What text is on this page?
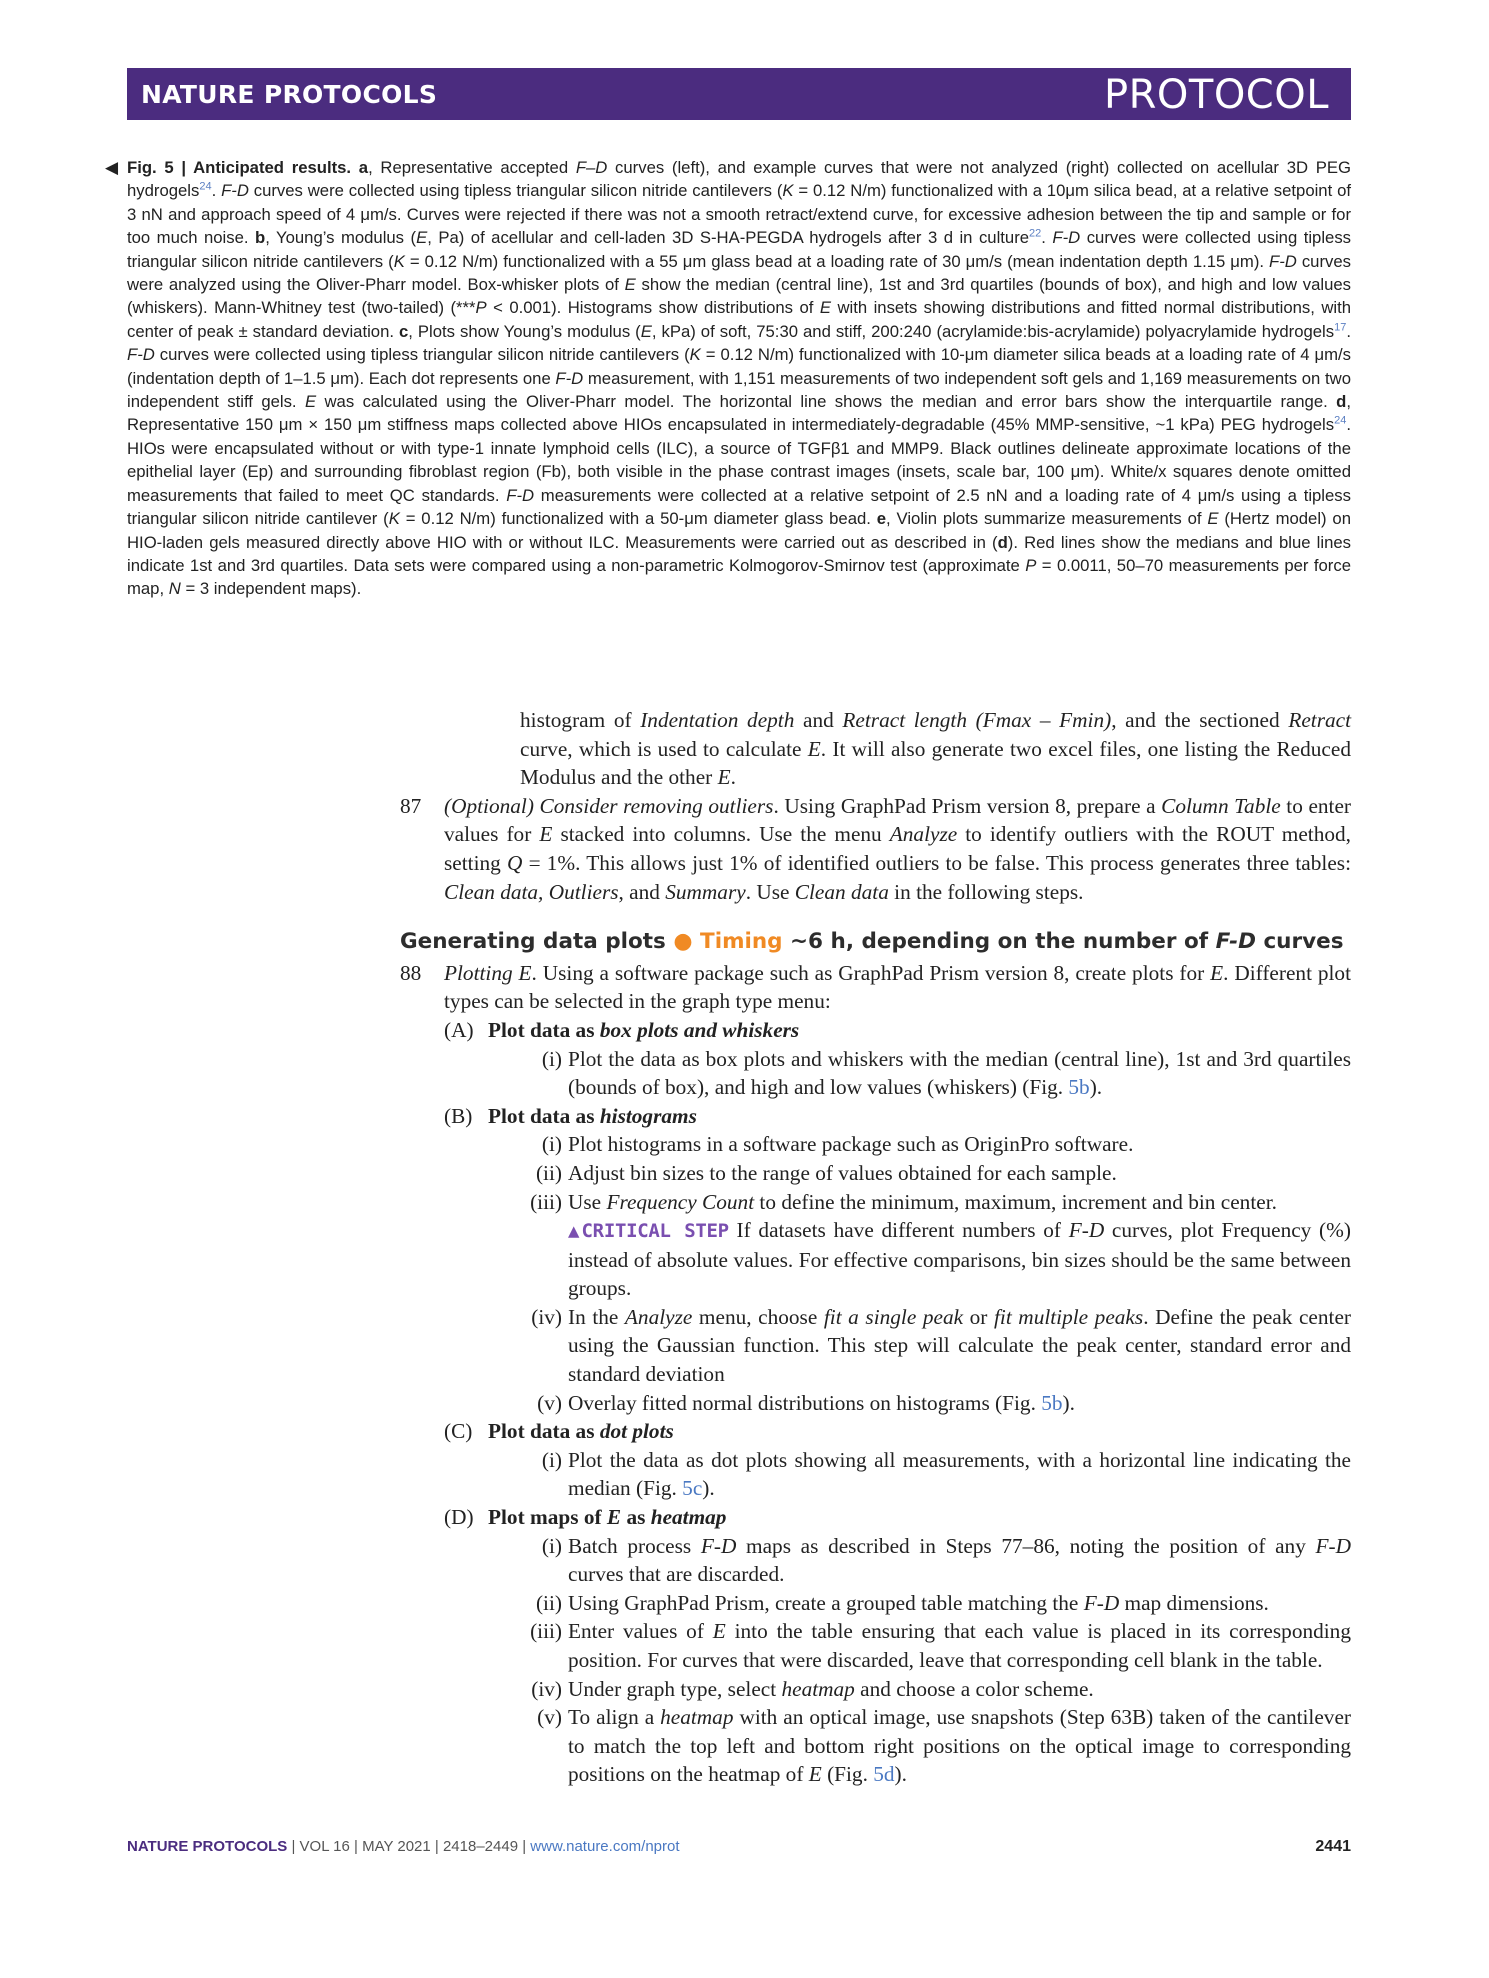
NATURE PROTOCOLS	PROTOCOL
◀ Fig. 5 | Anticipated results. a, Representative accepted F–D curves (left), and example curves that were not analyzed (right) collected on acellular 3D PEG hydrogels$^{24}$. F-D curves were collected using tipless triangular silicon nitride cantilevers (K = 0.12 N/m) functionalized with a 10μm silica bead, at a relative setpoint of 3 nN and approach speed of 4 μm/s. Curves were rejected if there was not a smooth retract/extend curve, for excessive adhesion between the tip and sample or for too much noise. b, Young’s modulus (E, Pa) of acellular and cell-laden 3D S-HA-PEGDA hydrogels after 3 d in culture$^{22}$. F-D curves were collected using tipless triangular silicon nitride cantilevers (K = 0.12 N/m) functionalized with a 55 μm glass bead at a loading rate of 30 μm/s (mean indentation depth 1.15 μm). F-D curves were analyzed using the Oliver-Pharr model. Box-whisker plots of E show the median (central line), 1st and 3rd quartiles (bounds of box), and high and low values (whiskers). Mann-Whitney test (two-tailed) (***P < 0.001). Histograms show distributions of E with insets showing distributions and fitted normal distributions, with center of peak ± standard deviation. c, Plots show Young’s modulus (E, kPa) of soft, 75:30 and stiff, 200:240 (acrylamide:bis-acrylamide) polyacrylamide hydrogels$^{17}$. F-D curves were collected using tipless triangular silicon nitride cantilevers (K = 0.12 N/m) functionalized with 10-μm diameter silica beads at a loading rate of 4 μm/s (indentation depth of 1–1.5 μm). Each dot represents one F-D measurement, with 1,151 measurements of two independent soft gels and 1,169 measurements on two independent stiff gels. E was calculated using the Oliver-Pharr model. The horizontal line shows the median and error bars show the interquartile range. d, Representative 150 μm × 150 μm stiffness maps collected above HIOs encapsulated in intermediately-degradable (45% MMP-sensitive, ~1 kPa) PEG hydrogels$^{24}$. HIOs were encapsulated without or with type-1 innate lymphoid cells (ILC), a source of TGFβ1 and MMP9. Black outlines delineate approximate locations of the epithelial layer (Ep) and surrounding fibroblast region (Fb), both visible in the phase contrast images (insets, scale bar, 100 μm). White/x squares denote omitted measurements that failed to meet QC standards. F-D measurements were collected at a relative setpoint of 2.5 nN and a loading rate of 4 μm/s using a tipless triangular silicon nitride cantilever (K = 0.12 N/m) functionalized with a 50-μm diameter glass bead. e, Violin plots summarize measurements of E (Hertz model) on HIO-laden gels measured directly above HIO with or without ILC. Measurements were carried out as described in (d). Red lines show the medians and blue lines indicate 1st and 3rd quartiles. Data sets were compared using a non-parametric Kolmogorov-Smirnov test (approximate P = 0.0011, 50–70 measurements per force map, N = 3 independent maps).
histogram of Indentation depth and Retract length (Fmax – Fmin), and the sectioned Retract curve, which is used to calculate E. It will also generate two excel files, one listing the Reduced Modulus and the other E.
87 (Optional) Consider removing outliers. Using GraphPad Prism version 8, prepare a Column Table to enter values for E stacked into columns. Use the menu Analyze to identify outliers with the ROUT method, setting Q = 1%. This allows just 1% of identified outliers to be false. This process generates three tables: Clean data, Outliers, and Summary. Use Clean data in the following steps.
Generating data plots ● Timing ~6 h, depending on the number of F-D curves
88 Plotting E. Using a software package such as GraphPad Prism version 8, create plots for E. Different plot types can be selected in the graph type menu:
(A) Plot data as box plots and whiskers
(i) Plot the data as box plots and whiskers with the median (central line), 1st and 3rd quartiles (bounds of box), and high and low values (whiskers) (Fig. 5b).
(B) Plot data as histograms
(i) Plot histograms in a software package such as OriginPro software.
(ii) Adjust bin sizes to the range of values obtained for each sample.
(iii) Use Frequency Count to define the minimum, maximum, increment and bin center.
▲CRITICAL STEP If datasets have different numbers of F-D curves, plot Frequency (%) instead of absolute values. For effective comparisons, bin sizes should be the same between groups.
(iv) In the Analyze menu, choose fit a single peak or fit multiple peaks. Define the peak center using the Gaussian function. This step will calculate the peak center, standard error and standard deviation
(v) Overlay fitted normal distributions on histograms (Fig. 5b).
(C) Plot data as dot plots
(i) Plot the data as dot plots showing all measurements, with a horizontal line indicating the median (Fig. 5c).
(D) Plot maps of E as heatmap
(i) Batch process F-D maps as described in Steps 77–86, noting the position of any F-D curves that are discarded.
(ii) Using GraphPad Prism, create a grouped table matching the F-D map dimensions.
(iii) Enter values of E into the table ensuring that each value is placed in its corresponding position. For curves that were discarded, leave that corresponding cell blank in the table.
(iv) Under graph type, select heatmap and choose a color scheme.
(v) To align a heatmap with an optical image, use snapshots (Step 63B) taken of the cantilever to match the top left and bottom right positions on the optical image to corresponding positions on the heatmap of E (Fig. 5d).
NATURE PROTOCOLS | VOL 16 | MAY 2021 | 2418–2449 | www.nature.com/nprot	2441
